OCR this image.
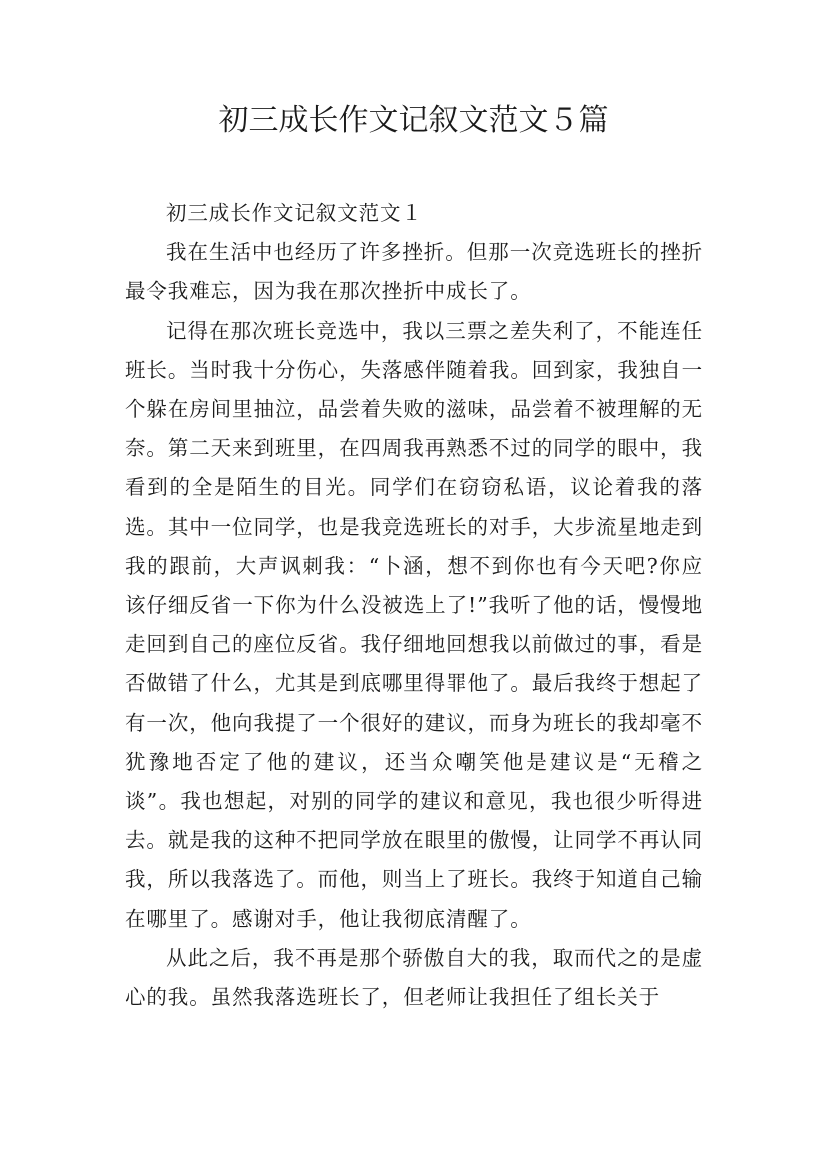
初三成长作文记叙文范文５篇

初三成长作文记叙文范文１

我在生活中也经历了许多挫折。但那一次竞选班长的挫折最令我难忘，因为我在那次挫折中成长了。

记得在那次班长竞选中，我以三票之差失利了，不能连任班长。当时我十分伤心，失落感伴随着我。回到家，我独自一个躲在房间里抽泣，品尝着失败的滋味，品尝着不被理解的无奈。第二天来到班里，在四周我再熟悉不过的同学的眼中，我看到的全是陌生的目光。同学们在窃窃私语，议论着我的落选。其中一位同学，也是我竞选班长的对手，大步流星地走到我的跟前，大声讽刺我：“卜涵，想不到你也有今天吧?你应该仔细反省一下你为什么没被选上了!”我听了他的话，慢慢地走回到自己的座位反省。我仔细地回想我以前做过的事，看是否做错了什么，尤其是到底哪里得罪他了。最后我终于想起了有一次，他向我提了一个很好的建议，而身为班长的我却毫不犹豫地否定了他的建议，还当众嘲笑他是建议是“无稽之谈”。我也想起，对别的同学的建议和意见，我也很少听得进去。就是我的这种不把同学放在眼里的傲慢，让同学不再认同我，所以我落选了。而他，则当上了班长。我终于知道自己输在哪里了。感谢对手，他让我彻底清醒了。

从此之后，我不再是那个骄傲自大的我，取而代之的是虚心的我。虽然我落选班长了，但老师让我担任了组长关于
